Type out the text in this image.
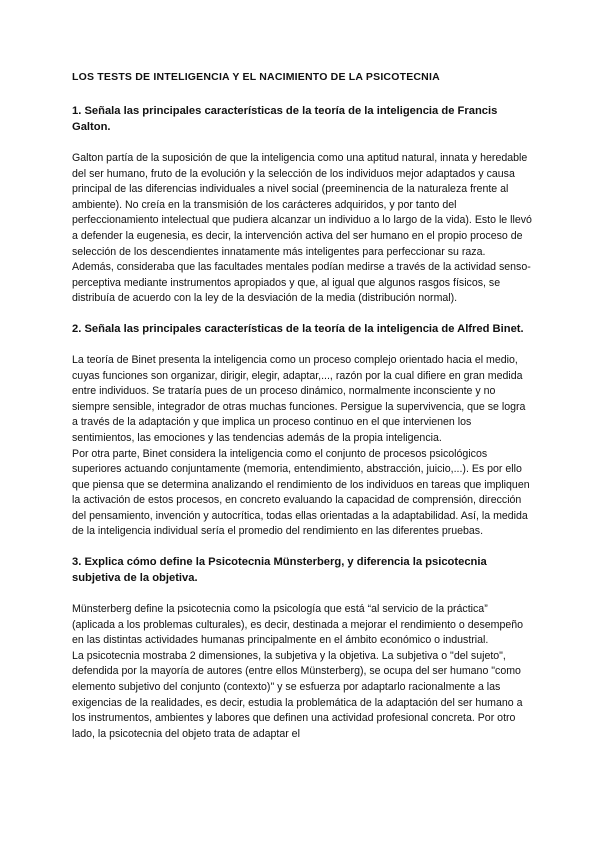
LOS TESTS DE INTELIGENCIA Y EL NACIMIENTO DE LA PSICOTECNIA
1. Señala las principales características de la teoría de la inteligencia de Francis Galton.

Galton partía de la suposición de que la inteligencia como una aptitud natural, innata y heredable del ser humano, fruto de la evolución y la selección de los individuos mejor adaptados y causa principal de las diferencias individuales a nivel social (preeminencia de la naturaleza frente al ambiente). No creía en la transmisión de los carácteres adquiridos, y por tanto del perfeccionamiento intelectual que pudiera alcanzar un individuo a lo largo de la vida). Esto le llevó a defender la eugenesia, es decir, la intervención activa del ser humano en el propio proceso de selección de los descendientes innatamente más inteligentes para perfeccionar su raza.

Además, consideraba que las facultades mentales podían medirse a través de la actividad senso-perceptiva mediante instrumentos apropiados y que, al igual que algunos rasgos físicos, se distribuía de acuerdo con la ley de la desviación de la media (distribución normal).

2. Señala las principales características de la teoría de la inteligencia de Alfred Binet.

La teoría de Binet presenta la inteligencia como un proceso complejo orientado hacia el medio, cuyas funciones son organizar, dirigir, elegir, adaptar,..., razón por la cual difiere en gran medida entre individuos. Se trataría pues de un proceso dinámico, normalmente inconsciente y no siempre sensible, integrador de otras muchas funciones. Persigue la supervivencia, que se logra a través de la adaptación y que implica un proceso continuo en el que intervienen los sentimientos, las emociones y las tendencias además de la propia inteligencia.

Por otra parte, Binet considera la inteligencia como el conjunto de procesos psicológicos superiores actuando conjuntamente (memoria, entendimiento, abstracción, juicio,...). Es por ello que piensa que se determina analizando el rendimiento de los individuos en tareas que impliquen la activación de estos procesos, en concreto evaluando la capacidad de comprensión, dirección del pensamiento, invención y autocrítica, todas ellas orientadas a la adaptabilidad. Así, la medida de la inteligencia individual sería el promedio del rendimiento en las diferentes pruebas.

3. Explica cómo define la Psicotecnia Münsterberg, y diferencia la psicotecnia subjetiva de la objetiva.

Münsterberg define la psicotecnia como la psicología que está “al servicio de la práctica” (aplicada a los problemas culturales), es decir, destinada a mejorar el rendimiento o desempeño en las distintas actividades humanas principalmente en el ámbito económico o industrial.

La psicotecnia mostraba 2 dimensiones, la subjetiva y la objetiva. La subjetiva o "del sujeto", defendida por la mayoría de autores (entre ellos Münsterberg), se ocupa del ser humano "como elemento subjetivo del conjunto (contexto)" y se esfuerza por adaptarlo racionalmente a las exigencias de la realidades, es decir, estudia la problemática de la adaptación del ser humano a los instrumentos, ambientes y labores que definen una actividad profesional concreta. Por otro lado, la psicotecnia del objeto trata de adaptar el
